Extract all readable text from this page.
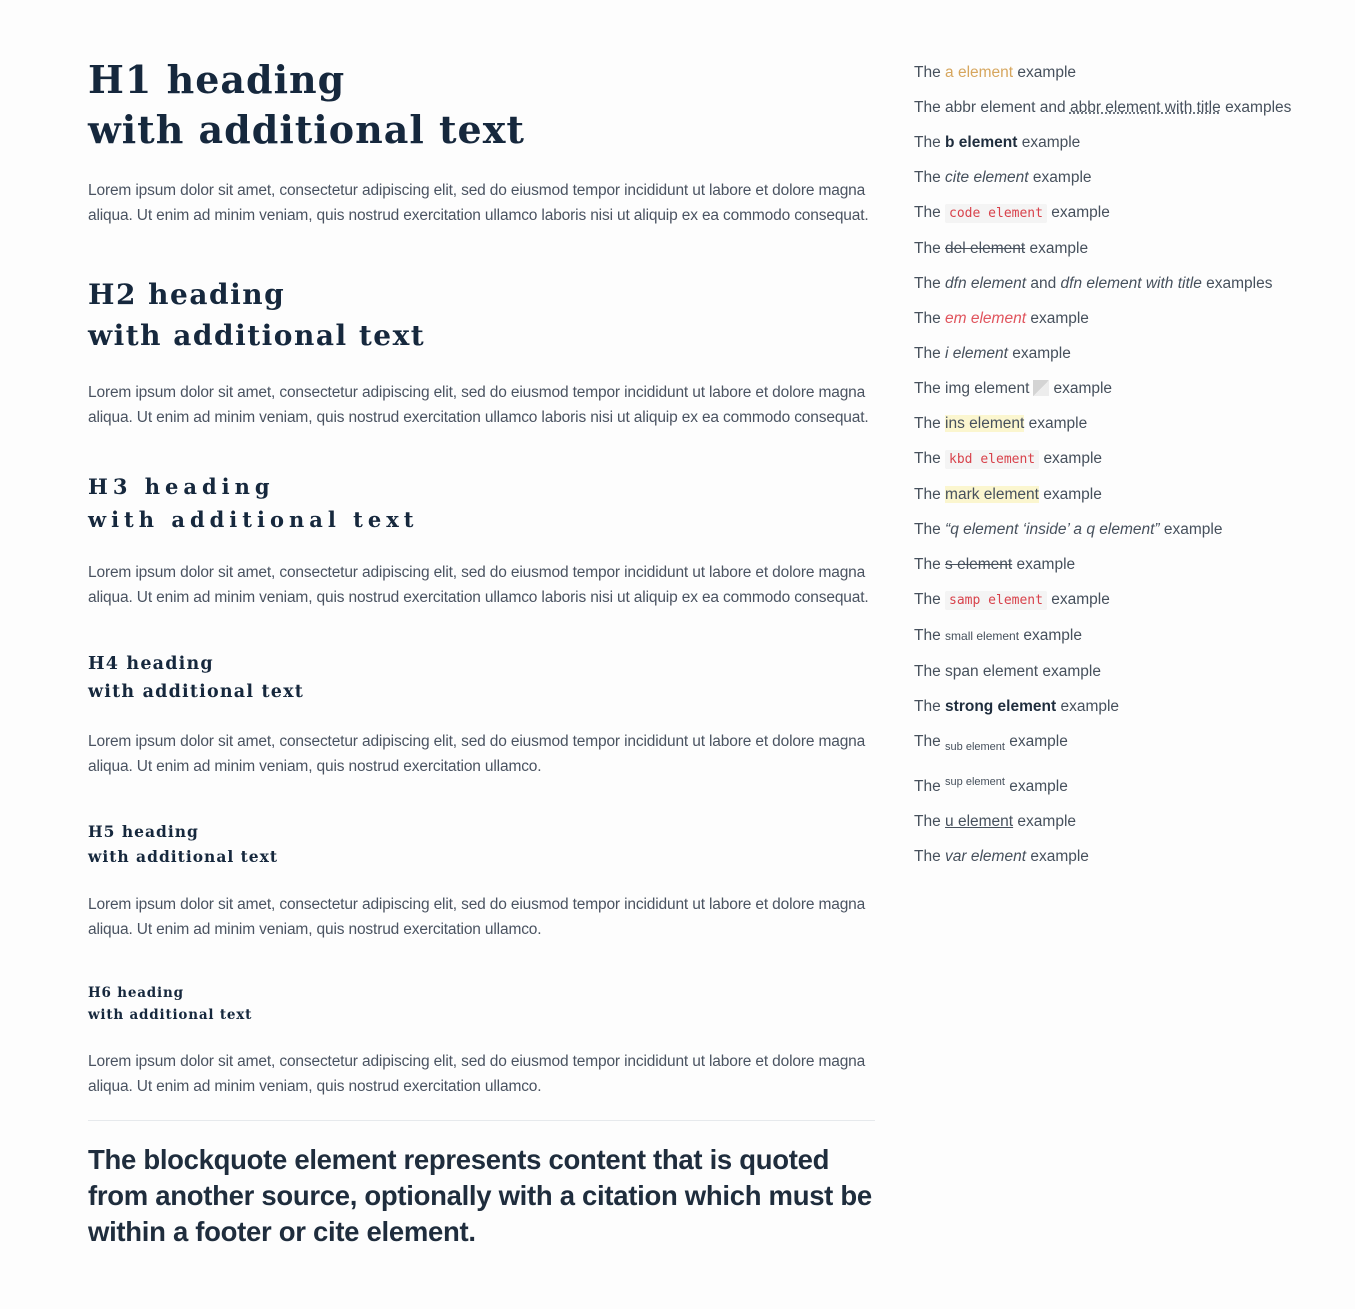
H1 heading
with additional text

Lorem ipsum dolor sit amet, consectetur adipiscing elit, sed do eiusmod tempor incididunt ut labore et dolore magna aliqua. Ut enim ad minim veniam, quis nostrud exercitation ullamco laboris nisi ut aliquip ex ea commodo consequat.

H2 heading
with additional text

Lorem ipsum dolor sit amet, consectetur adipiscing elit, sed do eiusmod tempor incididunt ut labore et dolore magna aliqua. Ut enim ad minim veniam, quis nostrud exercitation ullamco laboris nisi ut aliquip ex ea commodo consequat.

H3 heading
with additional text

Lorem ipsum dolor sit amet, consectetur adipiscing elit, sed do eiusmod tempor incididunt ut labore et dolore magna aliqua. Ut enim ad minim veniam, quis nostrud exercitation ullamco laboris nisi ut aliquip ex ea commodo consequat.

H4 heading
with additional text

Lorem ipsum dolor sit amet, consectetur adipiscing elit, sed do eiusmod tempor incididunt ut labore et dolore magna aliqua. Ut enim ad minim veniam, quis nostrud exercitation ullamco.

H5 heading
with additional text

Lorem ipsum dolor sit amet, consectetur adipiscing elit, sed do eiusmod tempor incididunt ut labore et dolore magna aliqua. Ut enim ad minim veniam, quis nostrud exercitation ullamco.

H6 heading
with additional text

Lorem ipsum dolor sit amet, consectetur adipiscing elit, sed do eiusmod tempor incididunt ut labore et dolore magna aliqua. Ut enim ad minim veniam, quis nostrud exercitation ullamco.

The blockquote element represents content that is quoted from another source, optionally with a citation which must be within a footer or cite element.

The a element example

The abbr element and abbr element with title examples

The b element example

The cite element example

The code element example

The del element example

The dfn element and dfn element with title examples

The em element example

The i element example

The img element example

The ins element example

The kbd element example

The mark element example

The “q element ‘inside’ a q element” example

The s element example

The samp element example

The small element example

The span element example

The strong element example

The $_{sub element}$ example

The $^{sup element}$ example

The u element example

The var element example
